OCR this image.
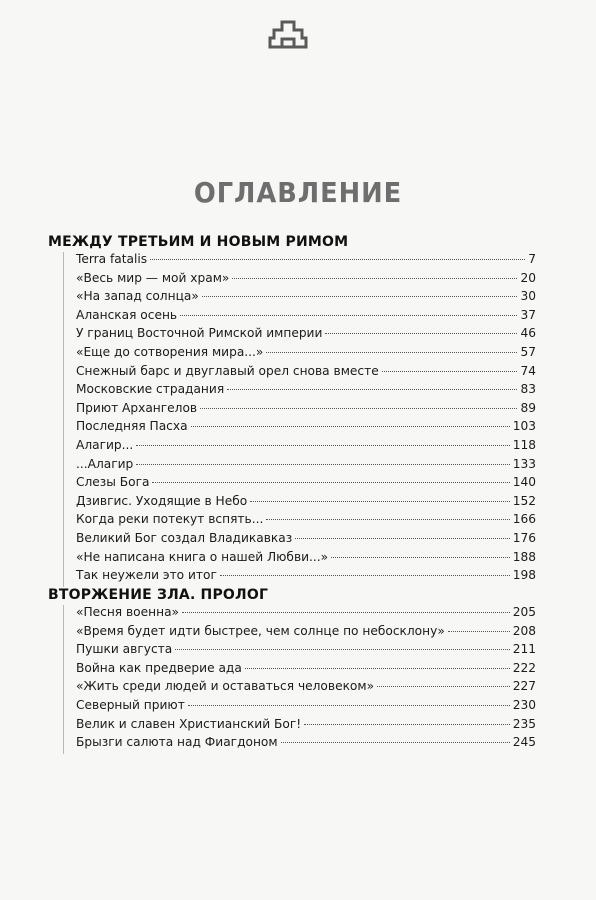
ОГЛАВЛЕНИЕ
МЕЖДУ ТРЕТЬИМ И НОВЫМ РИМОМ
Terra fatalis	7
«Весь мир — мой храм»	20
«На запад солнца»	30
Аланская осень	37
У границ Восточной Римской империи	46
«Еще до сотворения мира...»	57
Снежный барс и двуглавый орел снова вместе	74
Московские страдания	83
Приют Архангелов	89
Последняя Пасха	103
Алагир...	118
...Алагир	133
Слезы Бога	140
Дзивгис. Уходящие в Небо	152
Когда реки потекут вспять...	166
Великий Бог создал Владикавказ	176
«Не написана книга о нашей Любви...»	188
Так неужели это итог	198
ВТОРЖЕНИЕ ЗЛА. ПРОЛОГ
«Песня военна»	205
«Время будет идти быстрее, чем солнце по небосклону»	208
Пушки августа	211
Война как предверие ада	222
«Жить среди людей и оставаться человеком»	227
Северный приют	230
Велик и славен Христианский Бог!	235
Брызги салюта над Фиагдоном	245
